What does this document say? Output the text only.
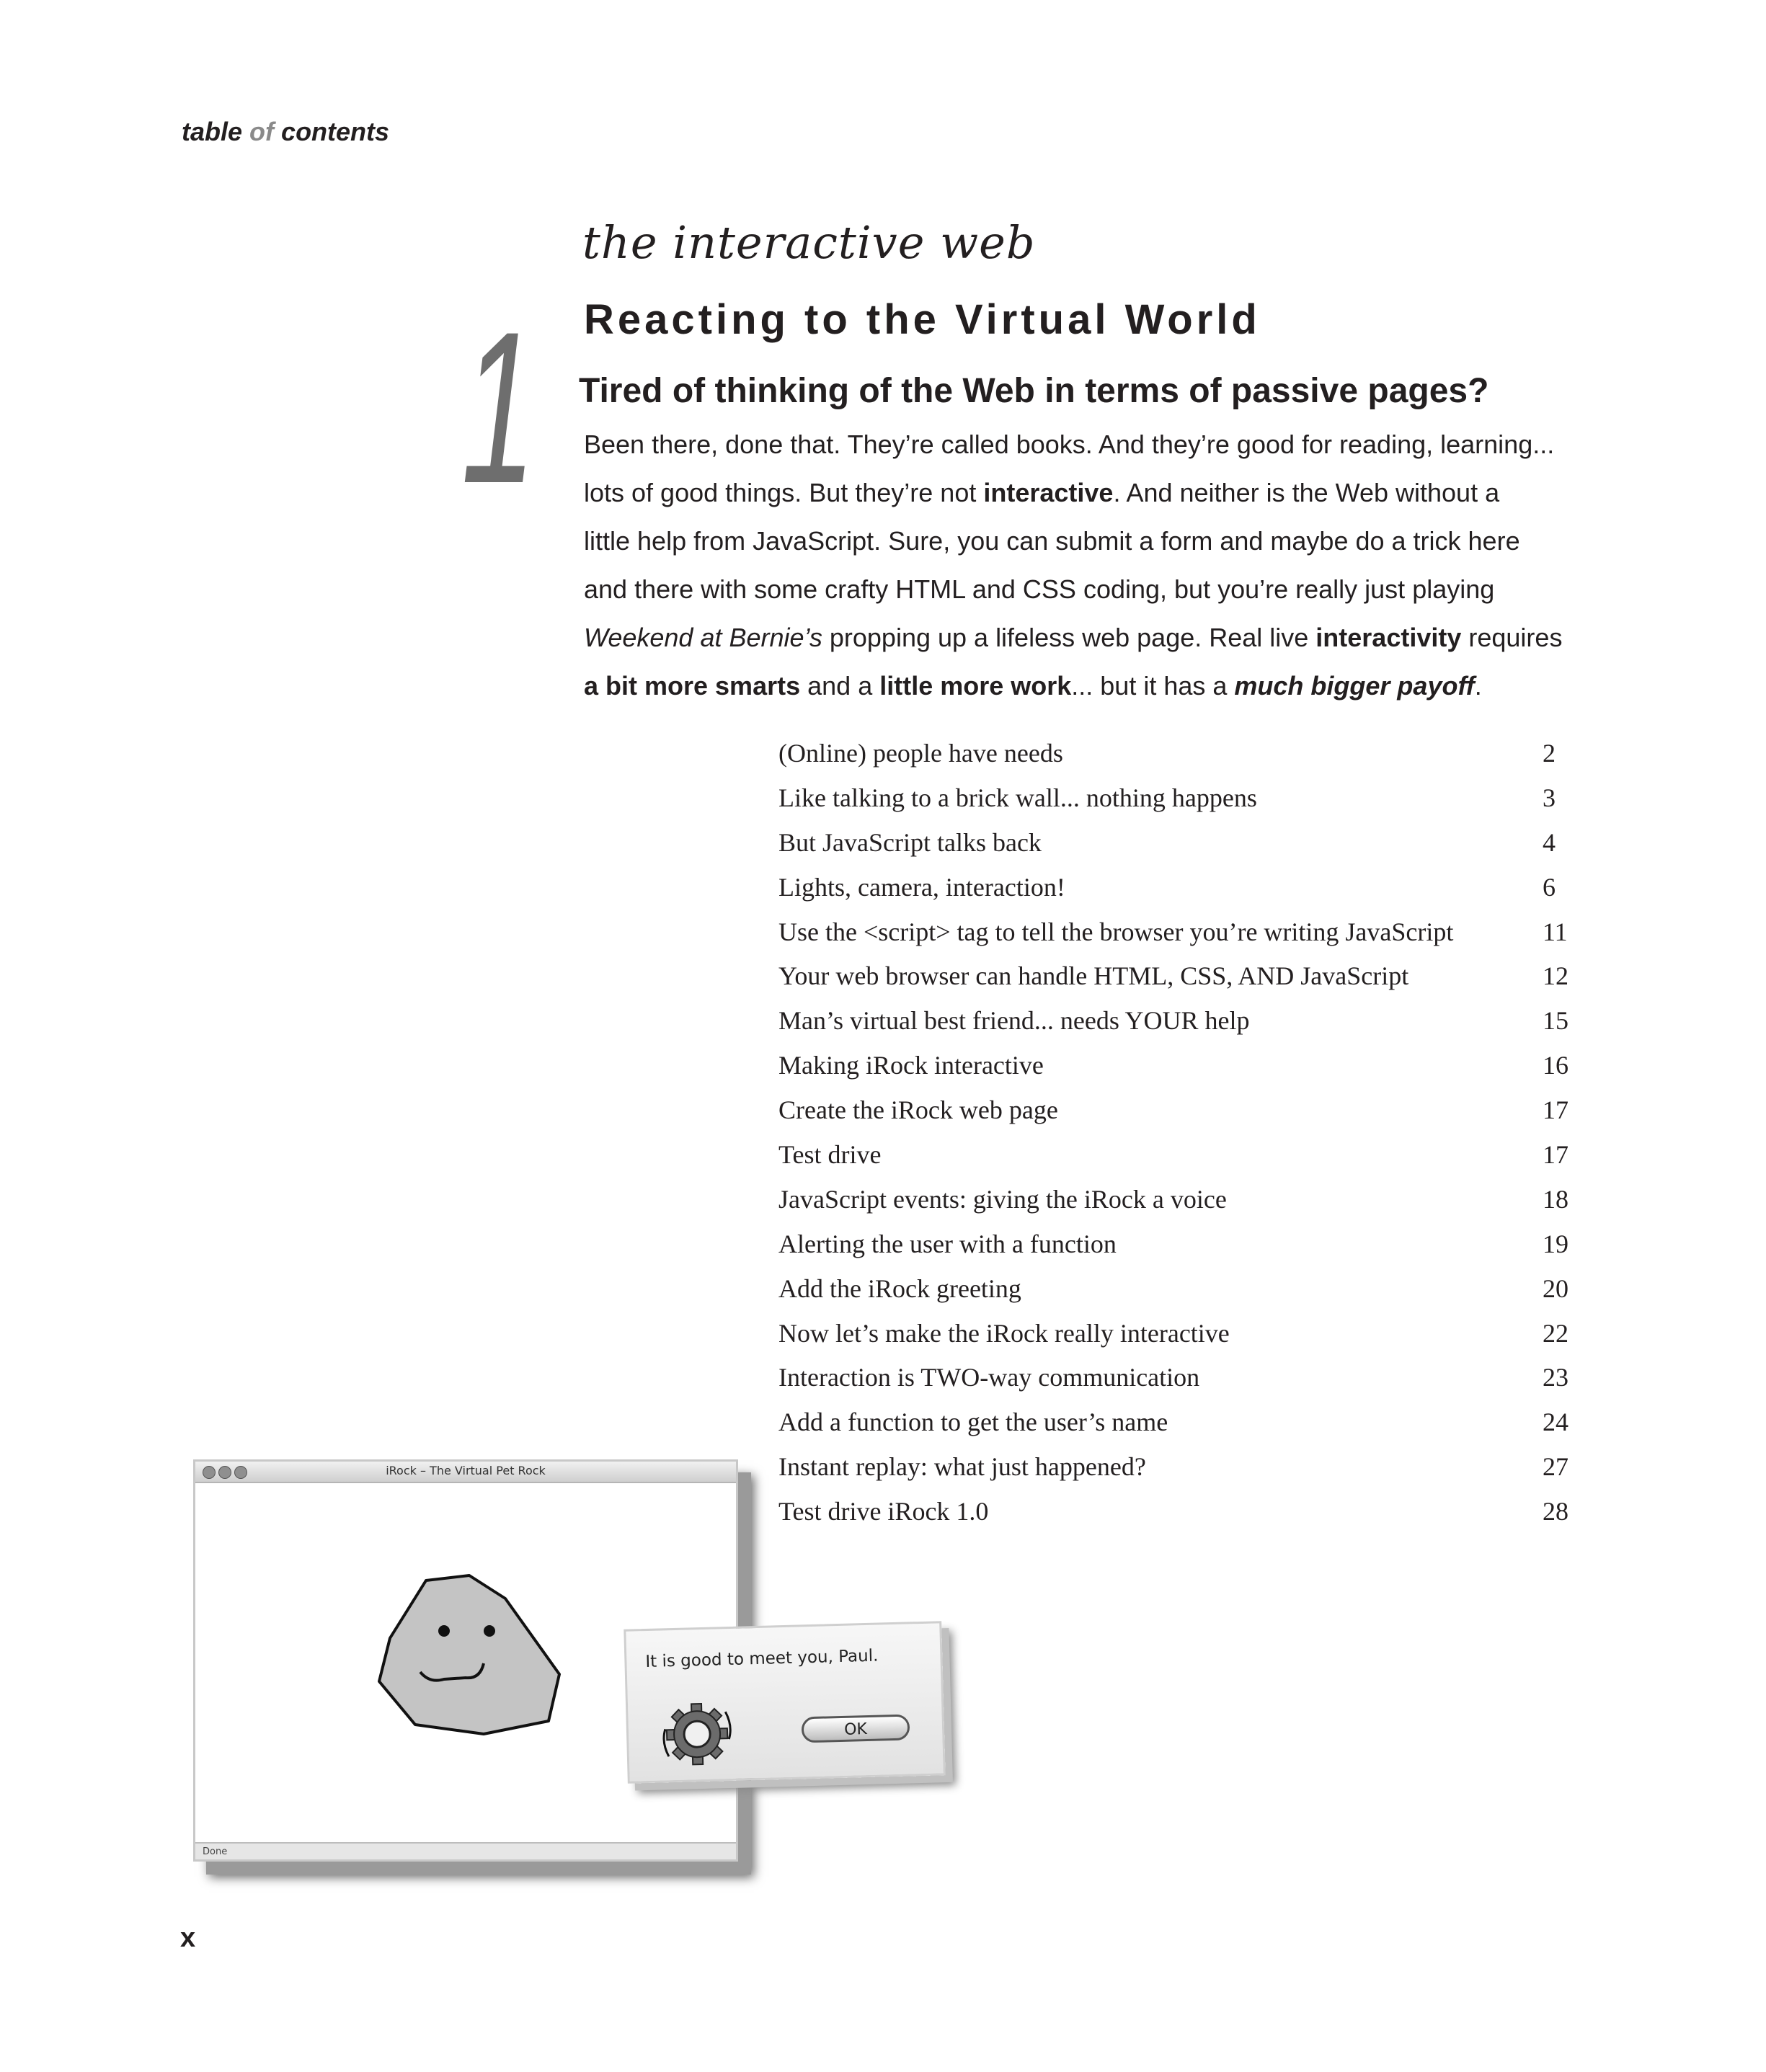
table of contents
1
the interactive web
Reacting to the Virtual World
Tired of thinking of the Web in terms of passive pages?
Been there, done that. They’re called books. And they’re good for reading, learning...
lots of good things. But they’re not interactive. And neither is the Web without a
little help from JavaScript. Sure, you can submit a form and maybe do a trick here
and there with some crafty HTML and CSS coding, but you’re really just playing
Weekend at Bernie’s propping up a lifeless web page. Real live interactivity requires
a bit more smarts and a little more work... but it has a much bigger payoff.
(Online) people have needs	2
Like talking to a brick wall... nothing happens	3
But JavaScript talks back	4
Lights, camera, interaction!	6
Use the <script> tag to tell the browser you’re writing JavaScript	11
Your web browser can handle HTML, CSS, AND JavaScript	12
Man’s virtual best friend... needs YOUR help	15
Making iRock interactive	16
Create the iRock web page	17
Test drive	17
JavaScript events: giving the iRock a voice	18
Alerting the user with a function	19
Add the iRock greeting	20
Now let’s make the iRock really interactive	22
Interaction is TWO-way communication	23
Add a function to get the user’s name	24
Instant replay: what just happened?	27
Test drive iRock 1.0	28
iRock – The Virtual Pet Rock
Done
It is good to meet you, Paul.
OK
x
